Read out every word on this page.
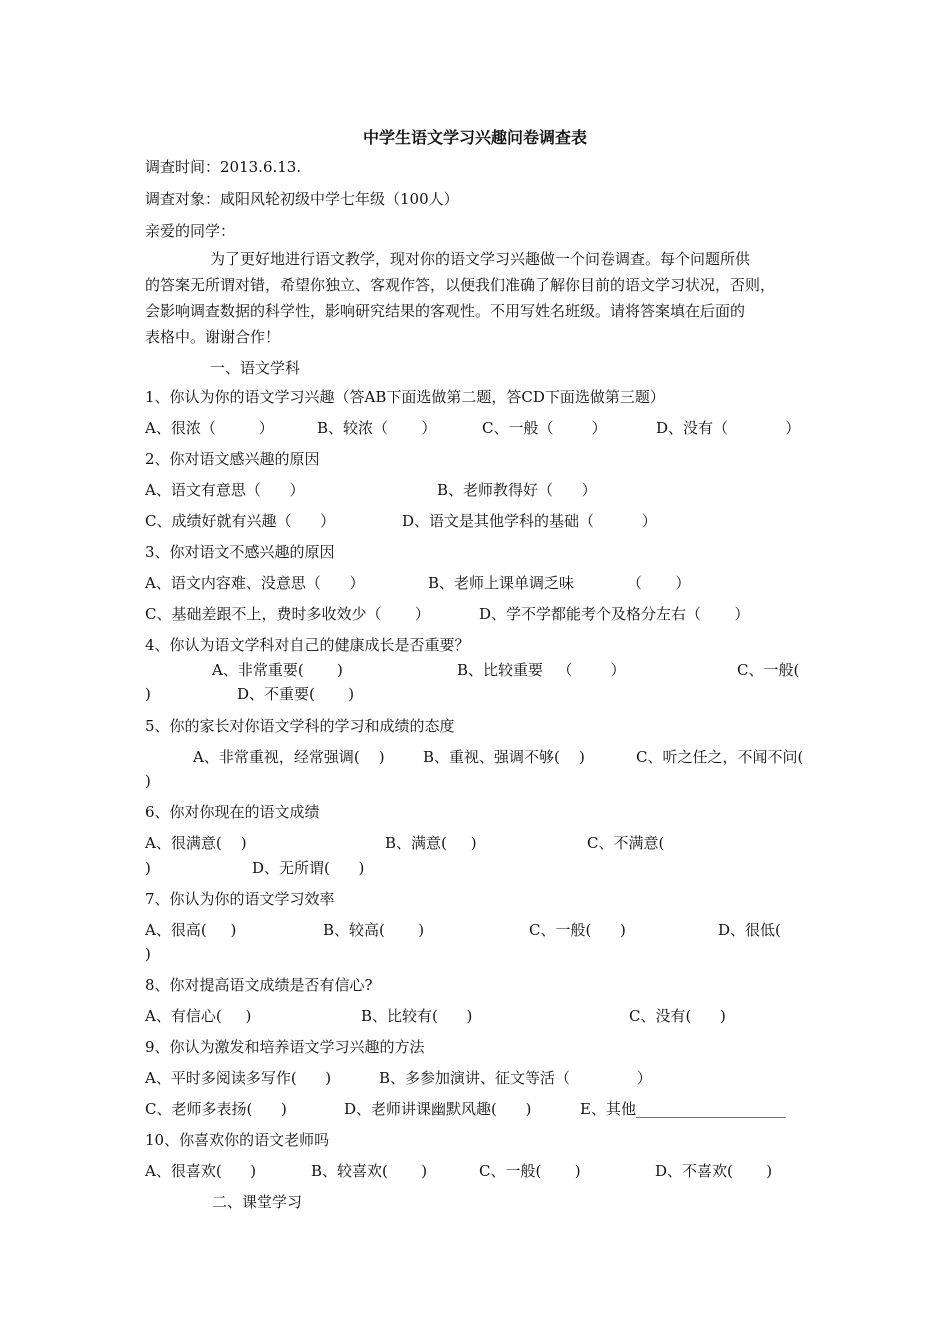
中学生语文学习兴趣问卷调查表
调查时间：2013.6.13.
调查对象：咸阳风轮初级中学七年级（100人）
亲爱的同学：
为了更好地进行语文教学，现对你的语文学习兴趣做一个问卷调查。每个问题所供
的答案无所谓对错，希望你独立、客观作答，以便我们准确了解你目前的语文学习状况，否则，
会影响调查数据的科学性，影响研究结果的客观性。不用写姓名班级。请将答案填在后面的
表格中。谢谢合作！
一、语文学科
1、你认为你的语文学习兴趣（答AB下面选做第二题，答CD下面选做第三题）
A、很浓（         ）	B、较浓（       ）	C、一般（        ）	D、没有（            ）
2、你对语文感兴趣的原因
A、语文有意思（      ）	B、老师教得好（      ）
C、成绩好就有兴趣（      ）	D、语文是其他学科的基础（          ）
3、你对语文不感兴趣的原因
A、语文内容难、没意思（      ）	B、老师上课单调乏味	（       ）
C、基础差跟不上，费时多收效少（       ）	D、学不学都能考个及格分左右（       ）
4、你认为语文学科对自己的健康成长是否重要？
A、非常重要(       )	B、比较重要   （        ）	C、一般(
)	D、不重要(       )
5、你的家长对你语文学科的学习和成绩的态度
A、非常重视，经常强调(    )	B、重视、强调不够(    )	C、听之任之，不闻不问(
)
6、你对你现在的语文成绩
A、很满意(    )	B、满意(     )	C、不满意(
)	D、无所谓(      )
7、你认为你的语文学习效率
A、很高(     )	B、较高(       )	C、一般(      )	D、很低(
)
8、你对提高语文成绩是否有信心?
A、有信心(     )	B、比较有(      )	C、没有(      )
9、你认为激发和培养语文学习兴趣的方法
A、平时多阅读多写作(      )	B、多参加演讲、征文等活（              ）
C、老师多表扬(      )	D、老师讲课幽默风趣(      )	E、其他____________________
10、你喜欢你的语文老师吗
A、很喜欢(      )	B、较喜欢(       )	C、一般(       )	D、不喜欢(       )
二、课堂学习
